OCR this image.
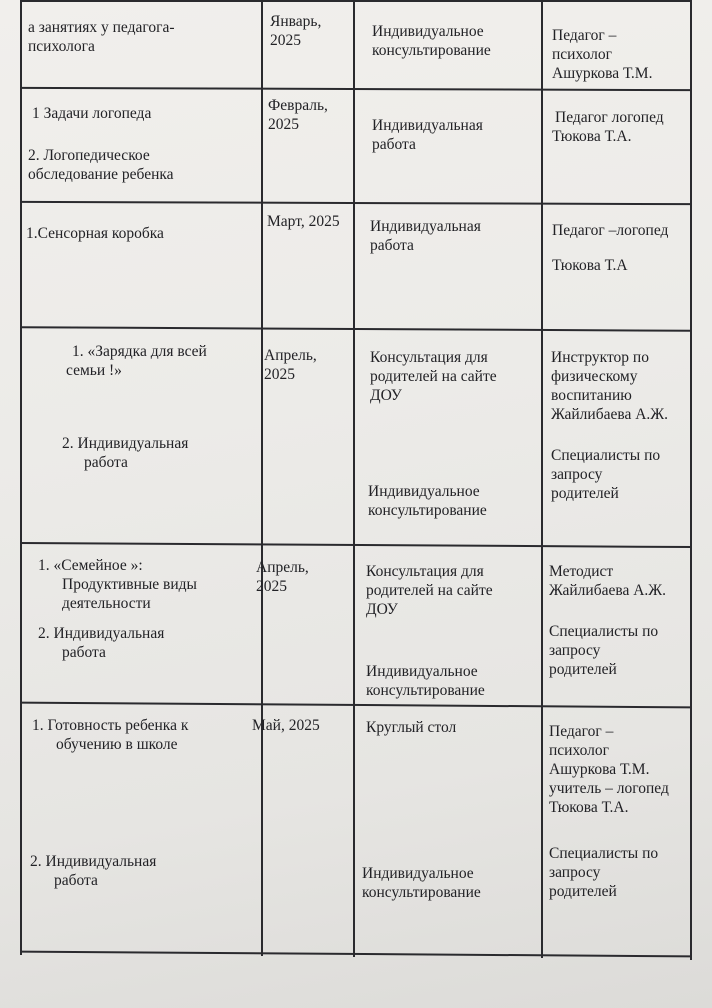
а занятиях у педагога-
психолога
Январь,
2025
Индивидуальное
консультирование
Педагог –
психолог
Ашуркова Т.М.
1 Задачи логопеда
2. Логопедическое
обследование ребенка
Февраль,
2025	Индивидуальная
работа
Педагог логопед
Тюкова Т.А.
1.Сенсорная коробка
Март, 2025 Индивидуальная
работа
Педагог –логопед
Тюкова Т.А
1. «Зарядка для всей
семьи !»
2. Индивидуальная
работа
Апрель,
2025
Консультация для
родителей на сайте
ДОУ
Индивидуальное
консультирование
Инструктор по
физическому
воспитанию
Жайлибаева А.Ж.
Специалисты по
запросу
родителей
1. «Семейное »:
Продуктивные виды
деятельности
2. Индивидуальная
работа
Апрель,
2025
Консультация для
родителей на сайте
ДОУ
Индивидуальное
консультирование
Методист
Жайлибаева А.Ж.
Специалисты по
запросу
родителей
1. Готовность ребенка к
обучению в школе
2. Индивидуальная
работа
Май, 2025	Круглый стол
Индивидуальное
консультирование
Педагог –
психолог
Ашуркова Т.М.
учитель – логопед
Тюкова Т.А.
Специалисты по
запросу
родителей
